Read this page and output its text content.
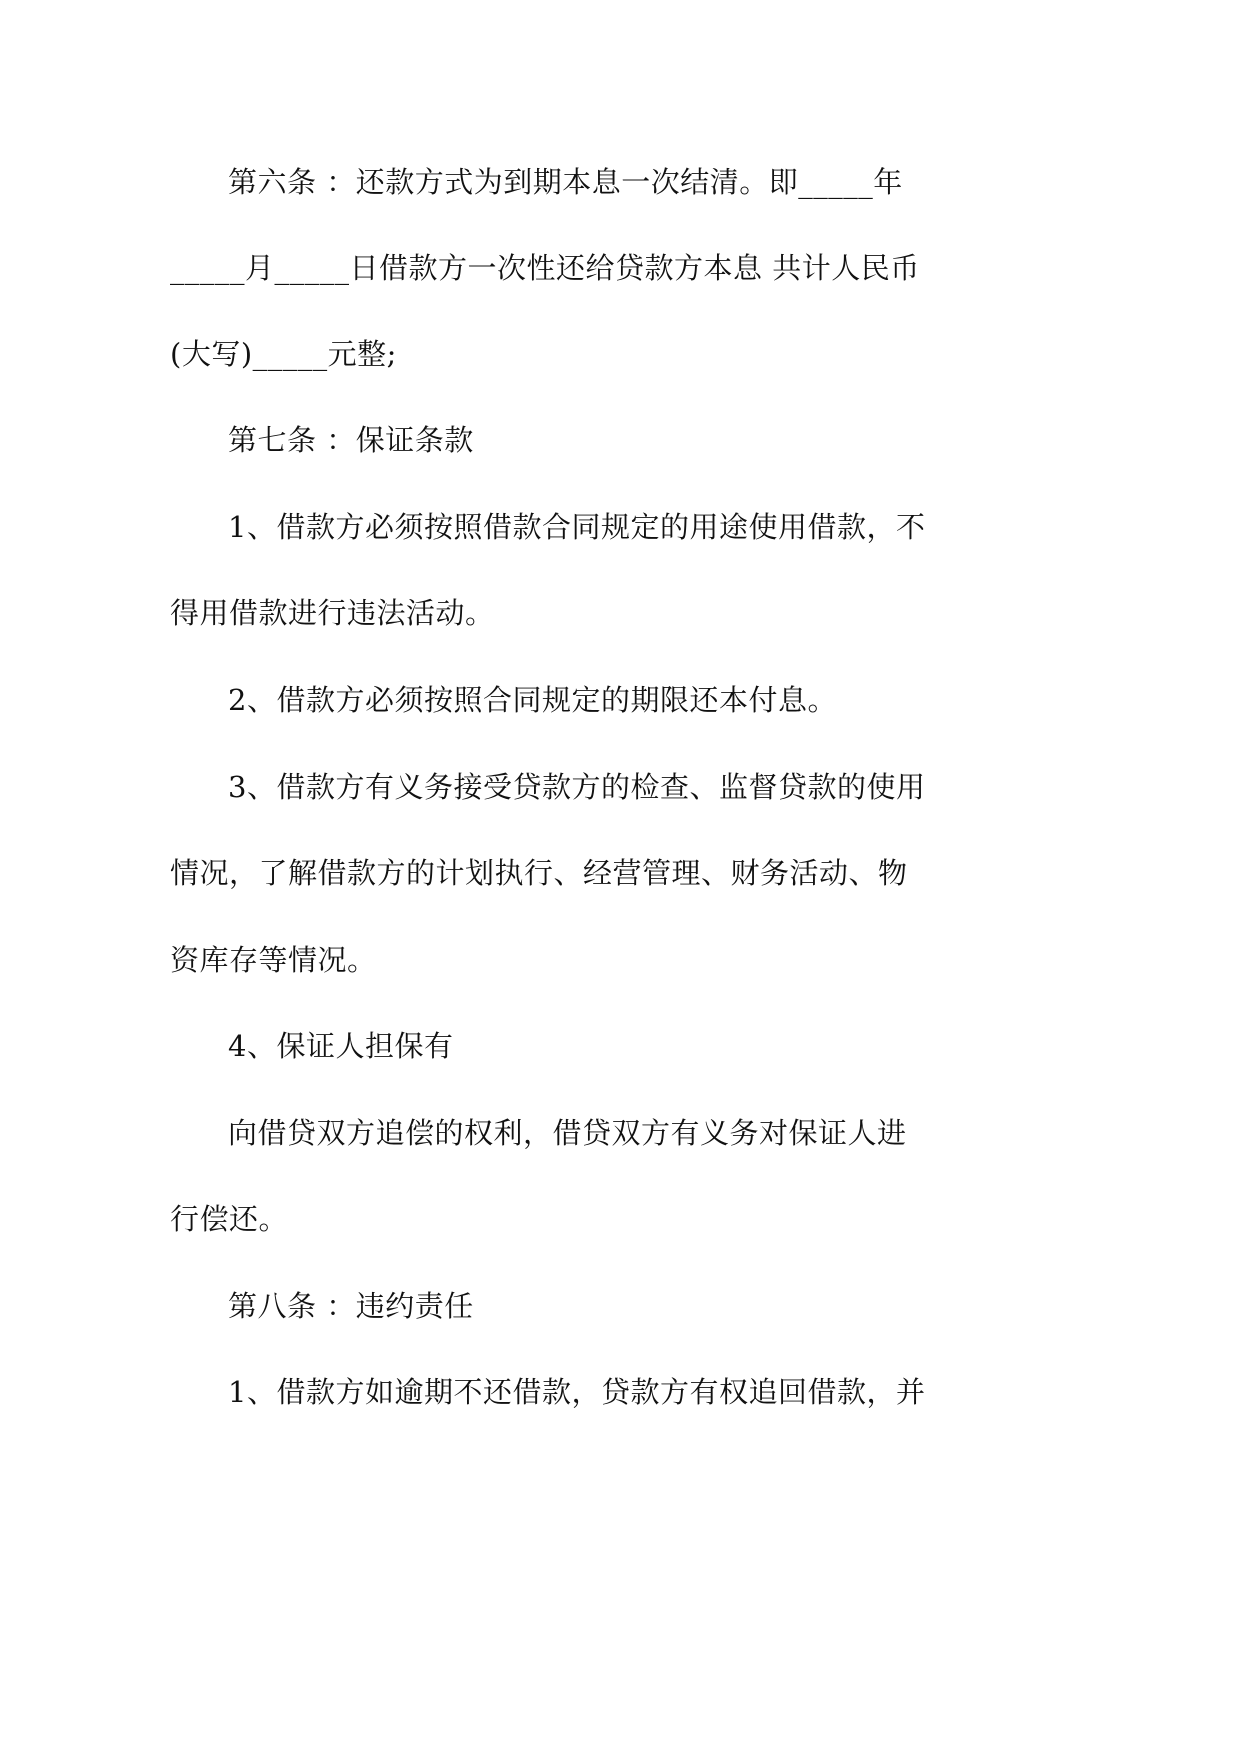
第六条 ：还款方式为到期本息一次结清。即_____年
_____月_____日借款方一次性还给贷款方本息 共计人民币
(大写)_____元整;
第七条 ：保证条款
1、借款方必须按照借款合同规定的用途使用借款，不
得用借款进行违法活动。
2、借款方必须按照合同规定的期限还本付息。
3、借款方有义务接受贷款方的检查、监督贷款的使用
情况，了解借款方的计划执行、经营管理、财务活动、物
资库存等情况。
4、保证人担保有
向借贷双方追偿的权利，借贷双方有义务对保证人进
行偿还。
第八条 ：违约责任
1、借款方如逾期不还借款，贷款方有权追回借款，并
